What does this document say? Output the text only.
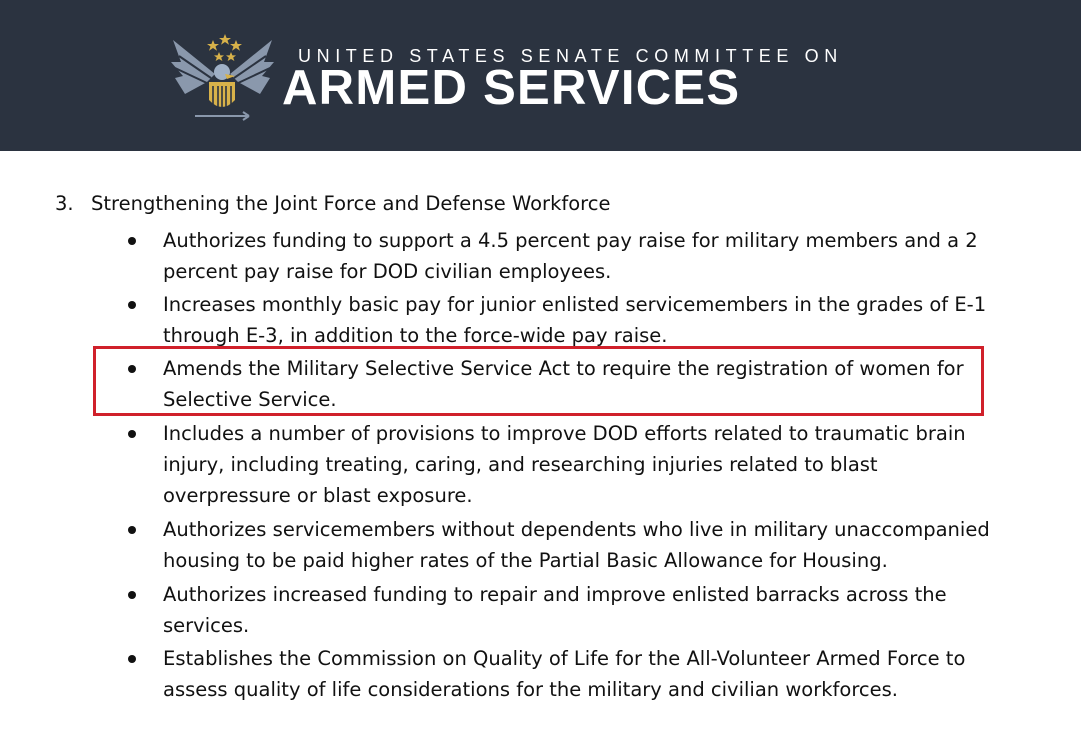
UNITED STATES SENATE COMMITTEE ON
ARMED SERVICES
3. Strengthening the Joint Force and Defense Workforce
Authorizes funding to support a 4.5 percent pay raise for military members and a 2
percent pay raise for DOD civilian employees.
Increases monthly basic pay for junior enlisted servicemembers in the grades of E-1
through E-3, in addition to the force-wide pay raise.
Amends the Military Selective Service Act to require the registration of women for
Selective Service.
Includes a number of provisions to improve DOD efforts related to traumatic brain
injury, including treating, caring, and researching injuries related to blast
overpressure or blast exposure.
Authorizes servicemembers without dependents who live in military unaccompanied
housing to be paid higher rates of the Partial Basic Allowance for Housing.
Authorizes increased funding to repair and improve enlisted barracks across the
services.
Establishes the Commission on Quality of Life for the All-Volunteer Armed Force to
assess quality of life considerations for the military and civilian workforces.
